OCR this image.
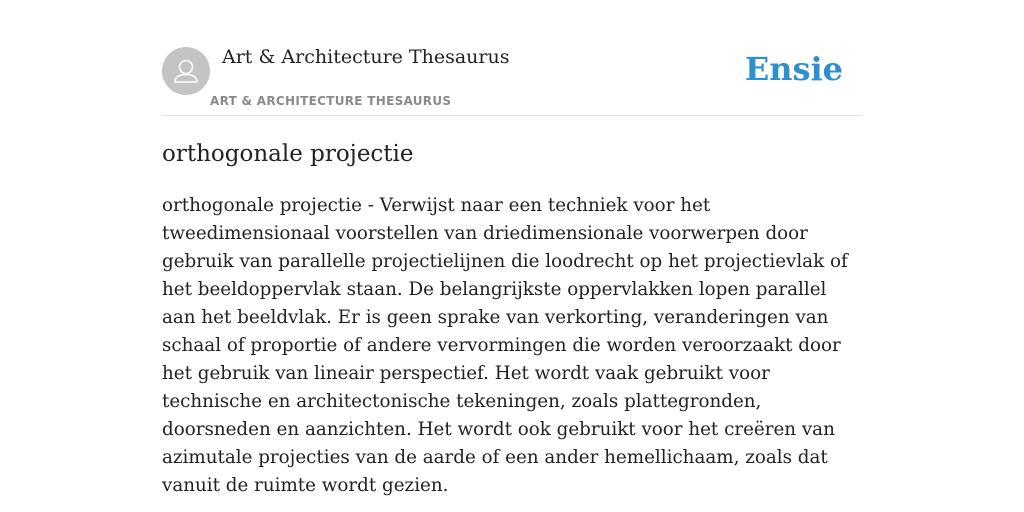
Art & Architecture Thesaurus
ART & ARCHITECTURE THESAURUS
Ensie
orthogonale projectie

orthogonale projectie - Verwijst naar een techniek voor het tweedimensionaal voorstellen van driedimensionale voorwerpen door gebruik van parallelle projectielijnen die loodrecht op het projectievlak of het beeldoppervlak staan. De belangrijkste oppervlakken lopen parallel aan het beeldvlak. Er is geen sprake van verkorting, veranderingen van schaal of proportie of andere vervormingen die worden veroorzaakt door het gebruik van lineair perspectief. Het wordt vaak gebruikt voor technische en architectonische tekeningen, zoals plattegronden, doorsneden en aanzichten. Het wordt ook gebruikt voor het creëren van azimutale projecties van de aarde of een ander hemellichaam, zoals dat vanuit de ruimte wordt gezien.
